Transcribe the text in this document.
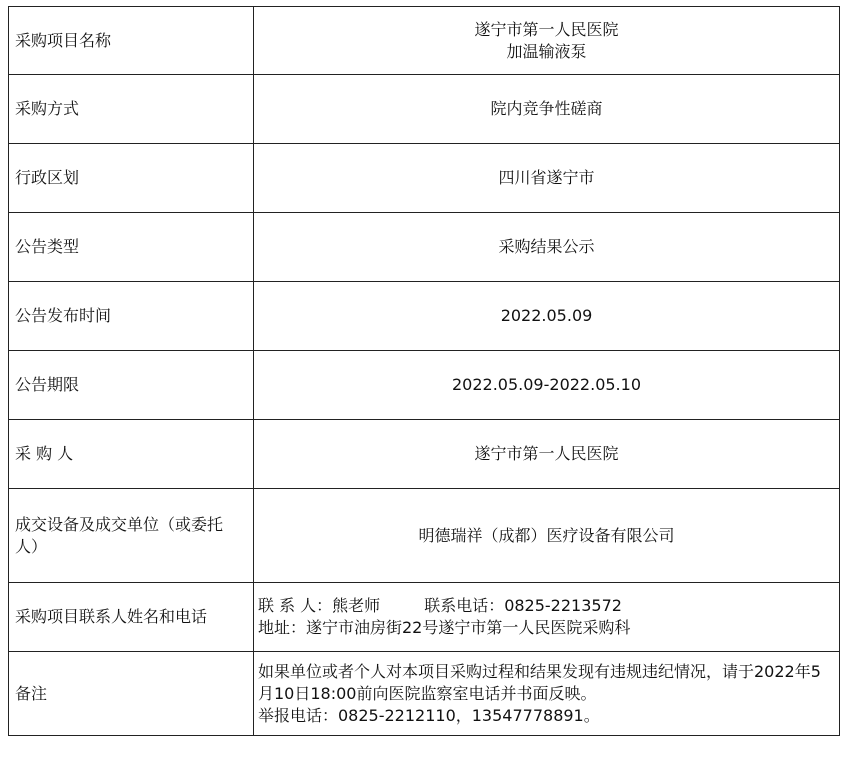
采购项目名称	遂宁市第一人民医院
加温输液泵

采购方式	院内竞争性磋商
行政区划	四川省遂宁市
公告类型	采购结果公示
公告发布时间	2022.05.09
公告期限	2022.05.09-2022.05.10
采 购 人	遂宁市第一人民医院
成交设备及成交单位（或委托人）	明德瑞祥（成都）医疗设备有限公司
采购项目联系人姓名和电话	联 系 人：熊老师 联系电话：0825-2213572
地址：遂宁市油房街22号遂宁市第一人民医院采购科

备注	如果单位或者个人对本项目采购过程和结果发现有违规违纪情况，请于2022年5月10日18:00前向医院监察室电话并书面反映。
举报电话：0825-2212110，13547778891。
